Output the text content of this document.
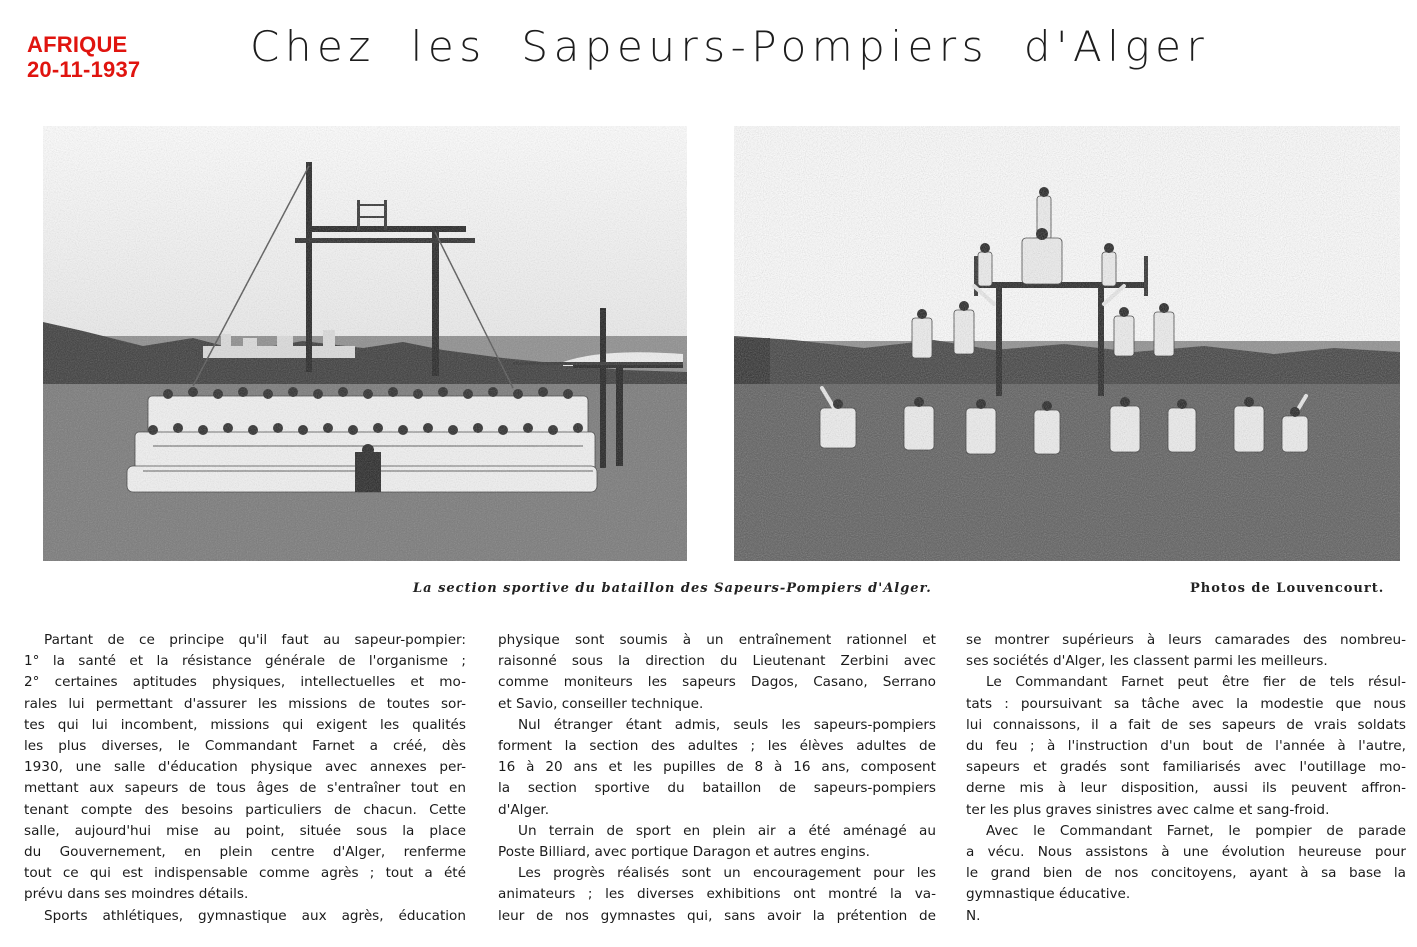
AFRIQUE
20-11-1937	Chez les Sapeurs-Pompiers d'Alger
La section sportive du bataillon des Sapeurs-Pompiers d'Alger.	Photos de Louvencourt.
Partant de ce principe qu'il faut au sapeur-pompier:
1° la santé et la résistance générale de l'organisme ;
2° certaines aptitudes physiques, intellectuelles et mo-
rales lui permettant d'assurer les missions de toutes sor-
tes qui lui incombent, missions qui exigent les qualités
les plus diverses, le Commandant Farnet a créé, dès
1930, une salle d'éducation physique avec annexes per-
mettant aux sapeurs de tous âges de s'entraîner tout en
tenant compte des besoins particuliers de chacun. Cette
salle, aujourd'hui mise au point, située sous la place
du Gouvernement, en plein centre d'Alger, renferme
tout ce qui est indispensable comme agrès ; tout a été
prévu dans ses moindres détails.
Sports athlétiques, gymnastique aux agrès, éducation
physique sont soumis à un entraînement rationnel et
raisonné sous la direction du Lieutenant Zerbini avec
comme moniteurs les sapeurs Dagos, Casano, Serrano
et Savio, conseiller technique.
Nul étranger étant admis, seuls les sapeurs-pompiers
forment la section des adultes ; les élèves adultes de
16 à 20 ans et les pupilles de 8 à 16 ans, composent
la section sportive du bataillon de sapeurs-pompiers
d'Alger.
Un terrain de sport en plein air a été aménagé au
Poste Billiard, avec portique Daragon et autres engins.
Les progrès réalisés sont un encouragement pour les
animateurs ; les diverses exhibitions ont montré la va-
leur de nos gymnastes qui, sans avoir la prétention de
se montrer supérieurs à leurs camarades des nombreu-
ses sociétés d'Alger, les classent parmi les meilleurs.
Le Commandant Farnet peut être fier de tels résul-
tats : poursuivant sa tâche avec la modestie que nous
lui connaissons, il a fait de ses sapeurs de vrais soldats
du feu ; à l'instruction d'un bout de l'année à l'autre,
sapeurs et gradés sont familiarisés avec l'outillage mo-
derne mis à leur disposition, aussi ils peuvent affron-
ter les plus graves sinistres avec calme et sang-froid.
Avec le Commandant Farnet, le pompier de parade
a vécu. Nous assistons à une évolution heureuse pour
le grand bien de nos concitoyens, ayant à sa base la
gymnastique éducative.
N.
